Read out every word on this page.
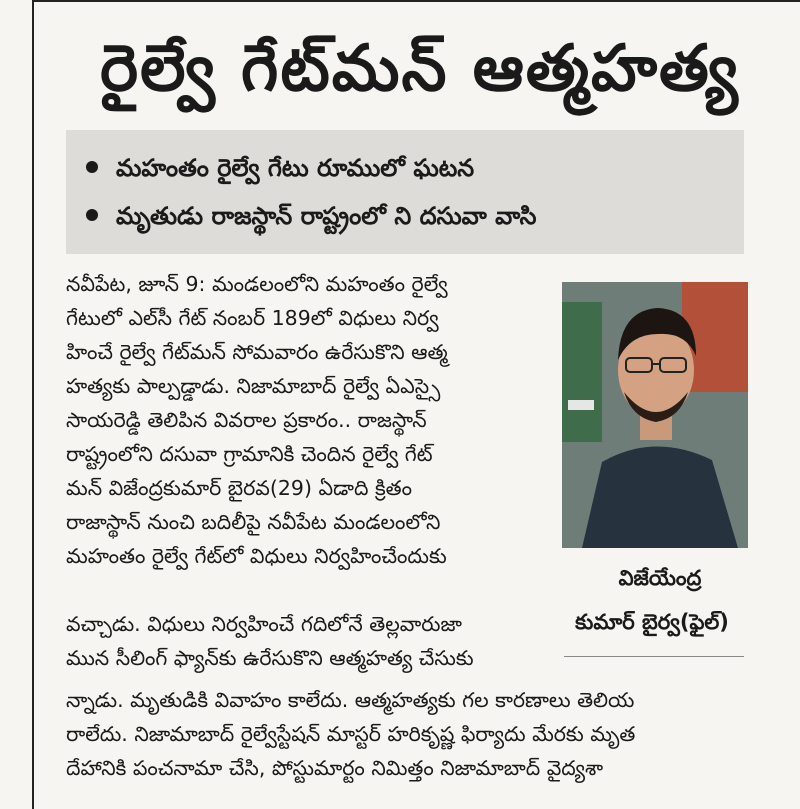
రైల్వే గేట్‌మన్ ఆత్మహత్య
మహంతం రైల్వే గేటు రూములో ఘటన
మృతుడు రాజస్థాన్ రాష్ట్రంలో ని దసువా వాసి
నవీపేట, జూన్ 9: మండలంలోని మహంతం రైల్వే
గేటులో ఎల్‌సీ గేట్ నంబర్ 189లో విధులు నిర్వ
హించే రైల్వే గేట్‌మన్ సోమవారం ఉరేసుకొని ఆత్మ
హత్యకు పాల్పడ్డాడు. నిజామాబాద్ రైల్వే ఏఎస్సై
సాయరెడ్డి తెలిపిన వివరాల ప్రకారం.. రాజస్థాన్
రాష్ట్రంలోని దసువా గ్రామానికి చెందిన రైల్వే గేట్
మన్ విజేంద్రకుమార్ బైరవ(29) ఏడాది క్రితం
రాజాస్థాన్ నుంచి బదిలీపై నవీపేట మండలంలోని
మహంతం రైల్వే గేట్‌లో విధులు నిర్వహించేందుకు
వచ్చాడు. విధులు నిర్వహించే గదిలోనే తెల్లవారుజా
మున సీలింగ్ ఫ్యాన్‌కు ఉరేసుకొని ఆత్మహత్య చేసుకు
న్నాడు. మృతుడికి వివాహం కాలేదు. ఆత్మహత్యకు గల కారణాలు తెలియ
రాలేదు. నిజామాబాద్ రైల్వేస్టేషన్ మాస్టర్ హరికృష్ణ ఫిర్యాదు మేరకు మృత
దేహానికి పంచనామా చేసి, పోస్టుమార్టం నిమిత్తం నిజామాబాద్ వైద్యశా
విజేయేంద్ర
కుమార్ బైర్వ(ఫైల్)
